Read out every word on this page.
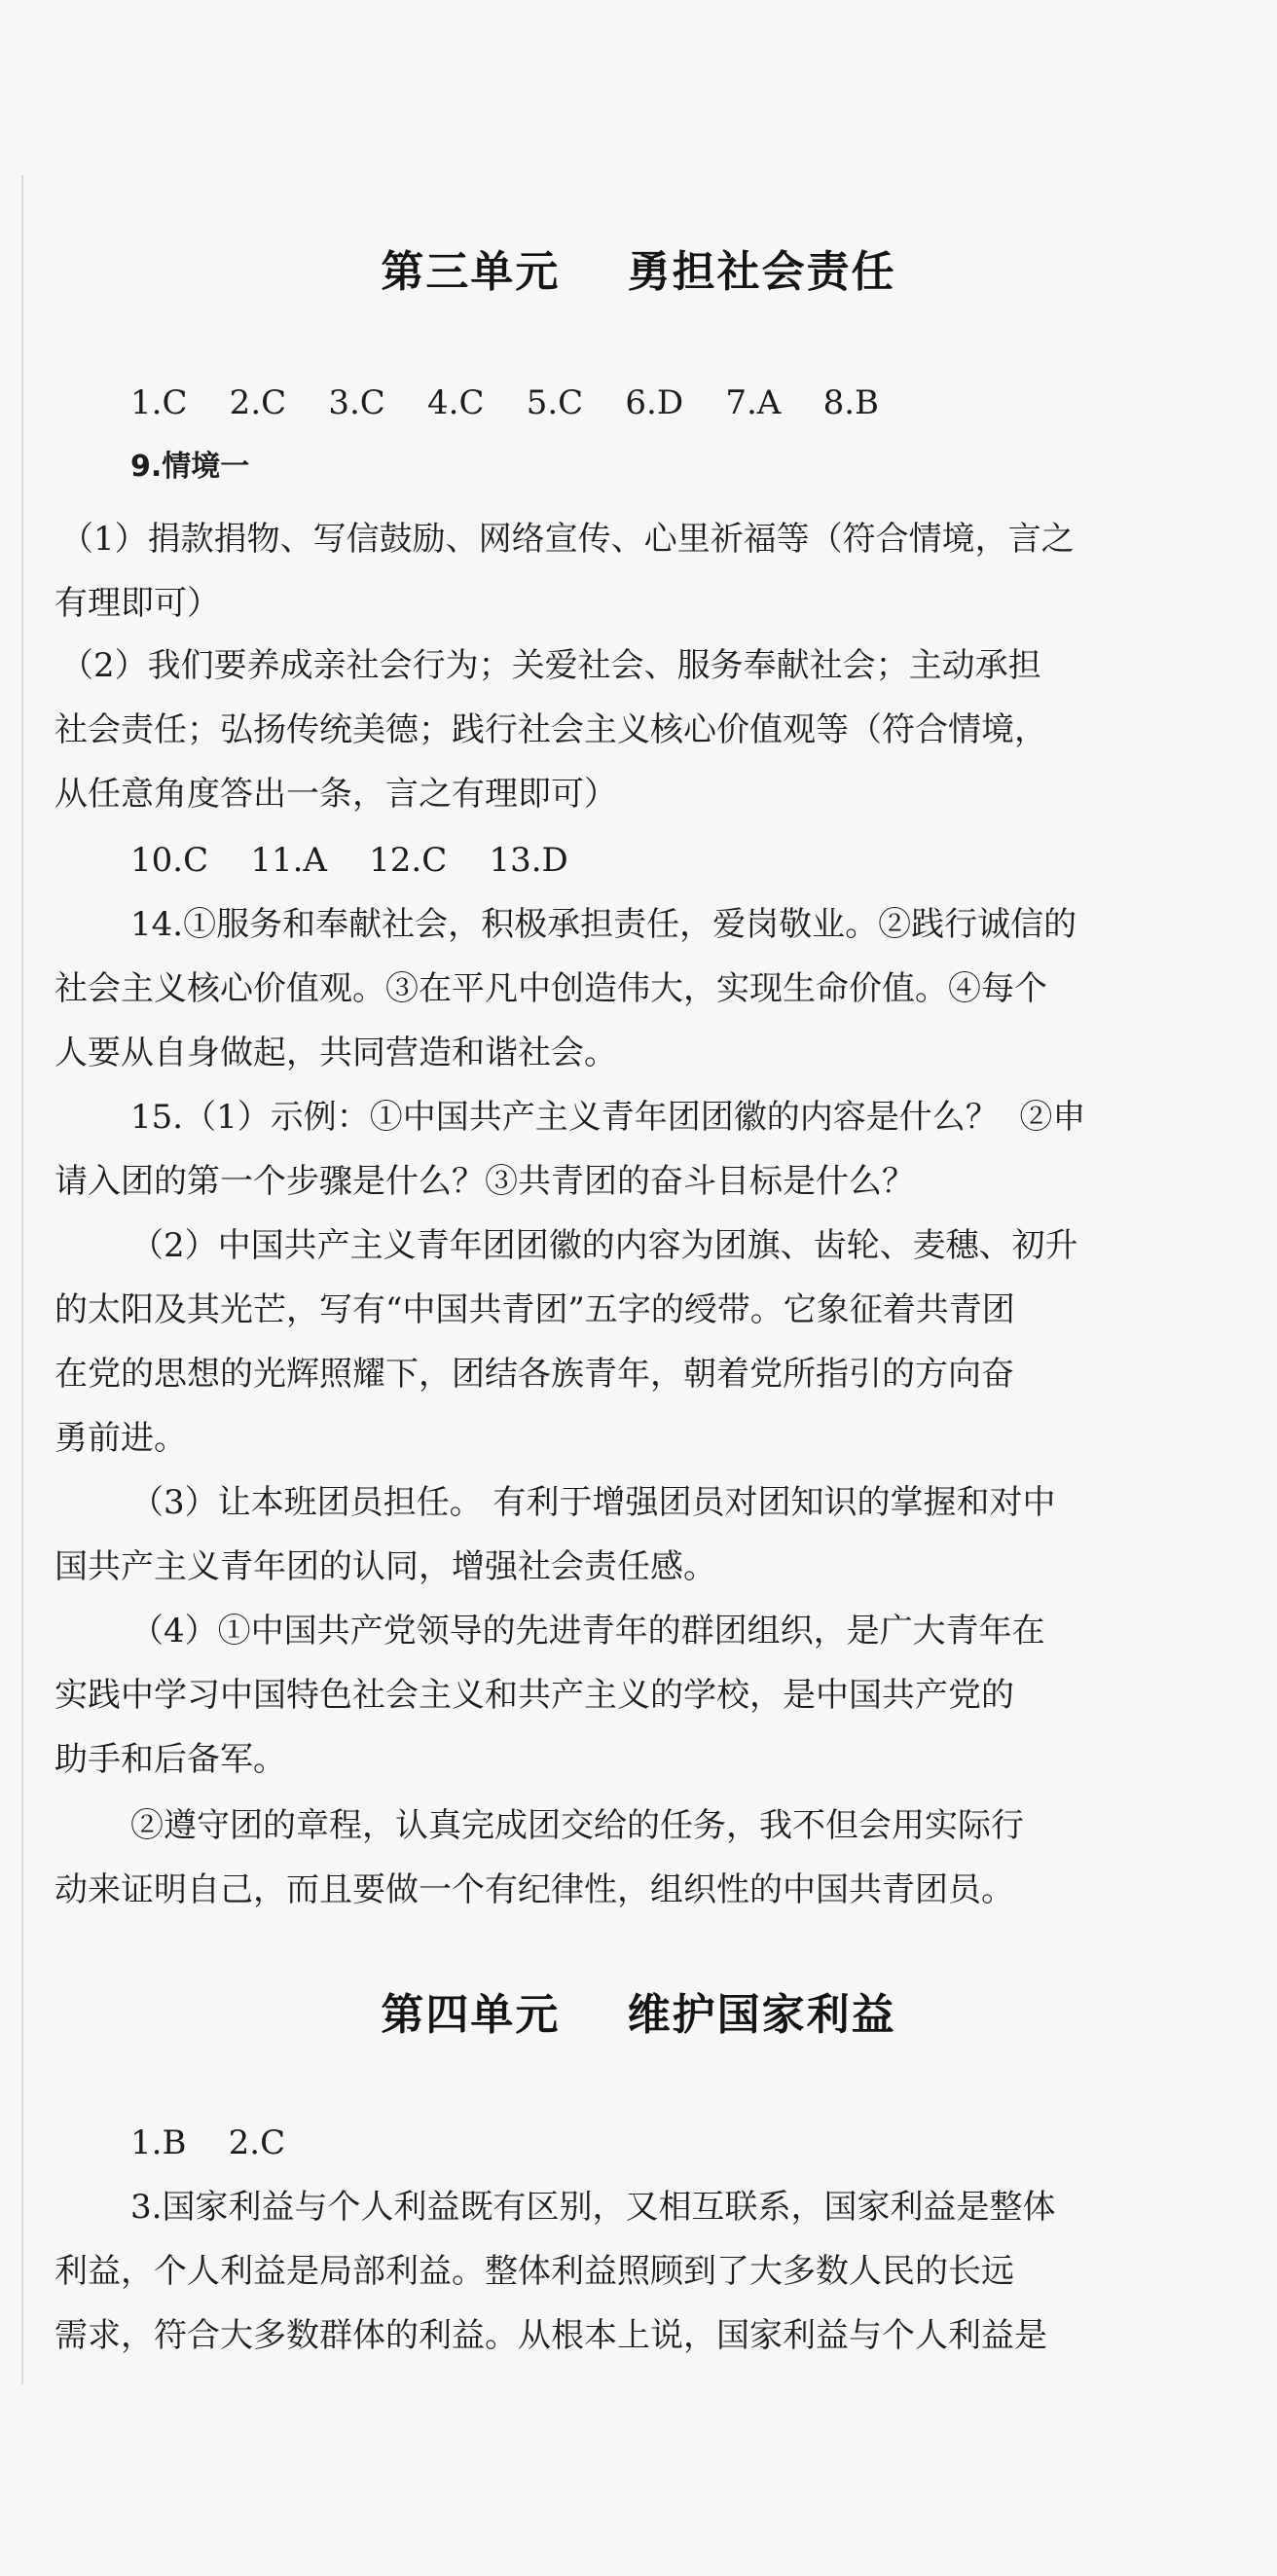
第三单元    勇担社会责任
1.C    2.C    3.C    4.C    5.C    6.D    7.A    8.B
9.情境一
（1）捐款捐物、写信鼓励、网络宣传、心里祈福等（符合情境，言之
有理即可）
（2）我们要养成亲社会行为；关爱社会、服务奉献社会；主动承担
社会责任；弘扬传统美德；践行社会主义核心价值观等（符合情境，
从任意角度答出一条，言之有理即可）
10.C    11.A    12.C    13.D
14.①服务和奉献社会，积极承担责任，爱岗敬业。②践行诚信的
社会主义核心价值观。③在平凡中创造伟大，实现生命价值。④每个
人要从自身做起，共同营造和谐社会。
15.（1）示例：①中国共产主义青年团团徽的内容是什么？  ②申
请入团的第一个步骤是什么？③共青团的奋斗目标是什么？
（2）中国共产主义青年团团徽的内容为团旗、齿轮、麦穗、初升
的太阳及其光芒，写有“中国共青团”五字的绶带。它象征着共青团
在党的思想的光辉照耀下，团结各族青年，朝着党所指引的方向奋
勇前进。
（3）让本班团员担任。 有利于增强团员对团知识的掌握和对中
国共产主义青年团的认同，增强社会责任感。
（4）①中国共产党领导的先进青年的群团组织，是广大青年在
实践中学习中国特色社会主义和共产主义的学校，是中国共产党的
助手和后备军。
②遵守团的章程，认真完成团交给的任务，我不但会用实际行
动来证明自己，而且要做一个有纪律性，组织性的中国共青团员。
第四单元    维护国家利益
1.B    2.C
3.国家利益与个人利益既有区别，又相互联系，国家利益是整体
利益，个人利益是局部利益。整体利益照顾到了大多数人民的长远
需求，符合大多数群体的利益。从根本上说，国家利益与个人利益是
